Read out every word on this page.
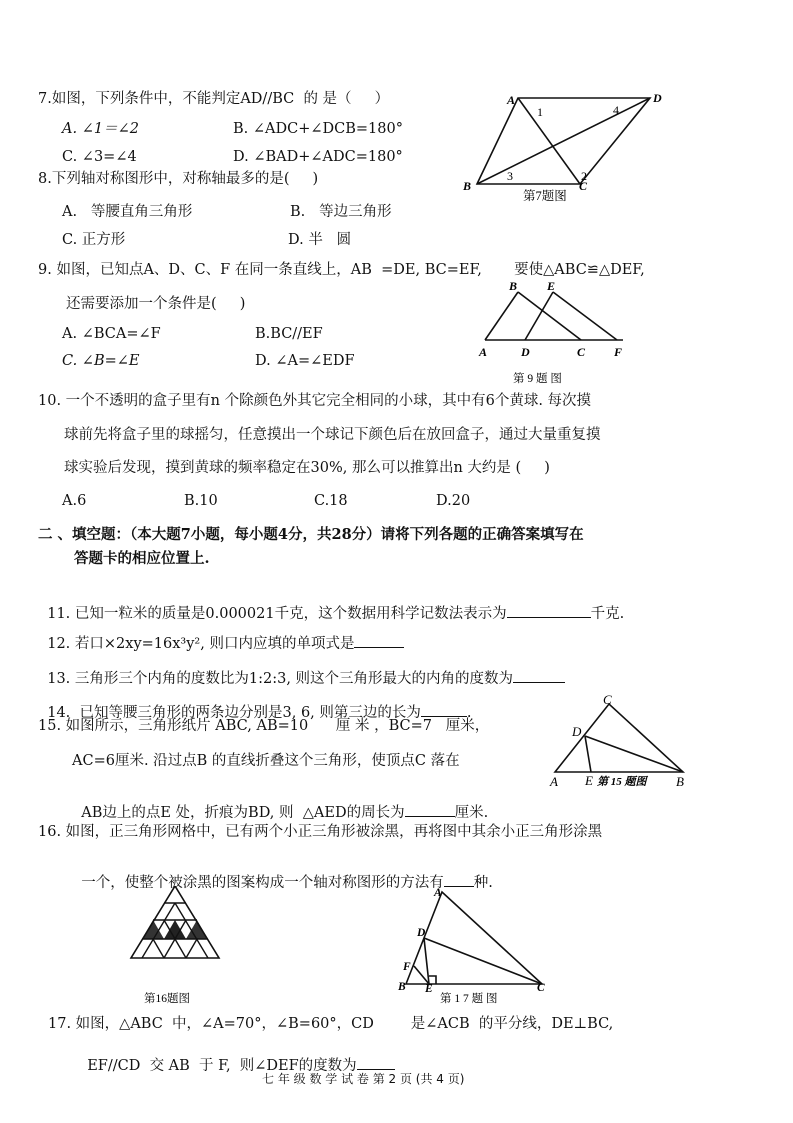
7.如图，下列条件中，不能判定AD//BC  的 是（     ）
A. ∠1＝∠2	B. ∠ADC+∠DCB=180°
C. ∠3=∠4	D. ∠BAD+∠ADC=180°
A	D
B	C
1	4
3	2
第7题图
8.下列轴对称图形中，对称轴最多的是(     )
A.   等腰直角三角形	B.   等边三角形
C. 正方形	D. 半   圆
9. 如图，已知点A、D、C、F 在同一条直线上，AB  =DE, BC=EF,       要使△ABC≌△DEF,
还需要添加一个条件是(     )
A. ∠BCA=∠F	B.BC//EF
C. ∠B=∠E	D. ∠A=∠EDF
B E
A	D	C F
第 9 题 图
10. 一个不透明的盒子里有n 个除颜色外其它完全相同的小球，其中有6个黄球. 每次摸
球前先将盒子里的球摇匀，任意摸出一个球记下颜色后在放回盒子，通过大量重复摸
球实验后发现，摸到黄球的频率稳定在30%, 那么可以推算出n 大约是 (     )
A.6	B.10	C.18	D.20
二 、填空题：（本大题7小题，每小题4分，共28分）请将下列各题的正确答案填写在
答题卡的相应位置上.

11. 已知一粒米的质量是0.000021千克，这个数据用科学记数法表示为	千克.

12. 若口×2xy=16x³y², 则口内应填的单项式是

13. 三角形三个内角的度数比为1:2:3, 则这个三角形最大的内角的度数为

14.  已知等腰三角形的两条边分别是3, 6, 则第三边的长为	.

15. 如图所示，三角形纸片 ABC, AB=10      厘 米 ，BC=7   厘米，
AC=6厘米. 沿过点B 的直线折叠这个三角形，使顶点C 落在

AB边上的点E 处，折痕为BD, 则  △AED的周长为	厘米.

C
D
A E	B
第 15 题图
16. 如图，正三角形网格中，已有两个小正三角形被涂黑，再将图中其余小正三角形涂黑

一个，使整个被涂黑的图案构成一个轴对称图形的方法有 种.

第16题图
A
D
F
B E	C
第 1 7 题 图
17. 如图，△ABC  中，∠A=70°，∠B=60°，CD        是∠ACB  的平分线，DE⊥BC,

EF//CD  交 AB  于 F,  则∠DEF的度数为

七 年 级 数 学 试 卷 第 2 页 (共 4 页)
